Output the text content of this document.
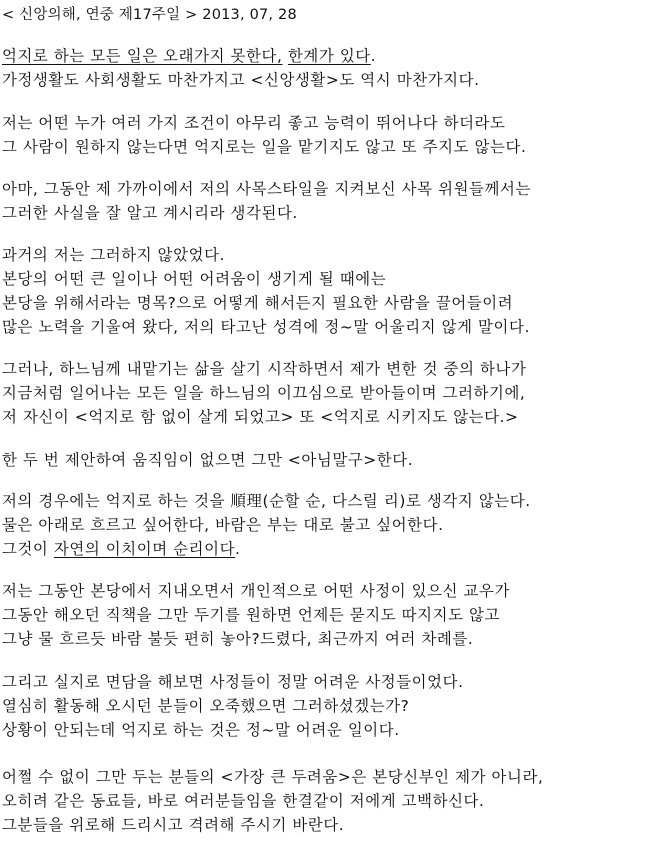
< 신앙의해, 연중 제17주일 > 2013, 07, 28
억지로 하는 모든 일은 오래가지 못한다, 한계가 있다.
가정생활도 사회생활도 마찬가지고 <신앙생활>도 역시 마찬가지다.
저는 어떤 누가 여러 가지 조건이 아무리 좋고 능력이 뛰어나다 하더라도
그 사람이 원하지 않는다면 억지로는 일을 맡기지도 않고 또 주지도 않는다.
아마, 그동안 제 가까이에서 저의 사목스타일을 지켜보신 사목 위원들께서는
그러한 사실을 잘 알고 계시리라 생각된다.
과거의 저는 그러하지 않았었다.
본당의 어떤 큰 일이나 어떤 어려움이 생기게 될 때에는
본당을 위해서라는 명목?으로 어떻게 해서든지 필요한 사람을 끌어들이려
많은 노력을 기울여 왔다, 저의 타고난 성격에 정~말 어울리지 않게 말이다.
그러나, 하느님께 내맡기는 삶을 살기 시작하면서 제가 변한 것 중의 하나가
지금처럼 일어나는 모든 일을 하느님의 이끄심으로 받아들이며 그러하기에,
저 자신이 <억지로 함 없이 살게 되었고> 또 <억지로 시키지도 않는다.>
한 두 번 제안하여 움직임이 없으면 그만 <아님말구>한다.
저의 경우에는 억지로 하는 것을 順理(순할 순, 다스릴 리)로 생각지 않는다.
물은 아래로 흐르고 싶어한다, 바람은 부는 대로 불고 싶어한다.
그것이 자연의 이치이며 순리이다.
저는 그동안 본당에서 지내오면서 개인적으로 어떤 사정이 있으신 교우가
그동안 해오던 직책을 그만 두기를 원하면 언제든 묻지도 따지지도 않고
그냥 물 흐르듯 바람 불듯 편히 놓아?드렸다, 최근까지 여러 차례를.
그리고 실지로 면담을 해보면 사정들이 정말 어려운 사정들이었다.
열심히 활동해 오시던 분들이 오죽했으면 그러하셨겠는가?
상황이 안되는데 억지로 하는 것은 정~말 어려운 일이다.
어쩔 수 없이 그만 두는 분들의 <가장 큰 두려움>은 본당신부인 제가 아니라,
오히려 같은 동료들, 바로 여러분들임을 한결같이 저에게 고백하신다.
그분들을 위로해 드리시고 격려해 주시기 바란다.
